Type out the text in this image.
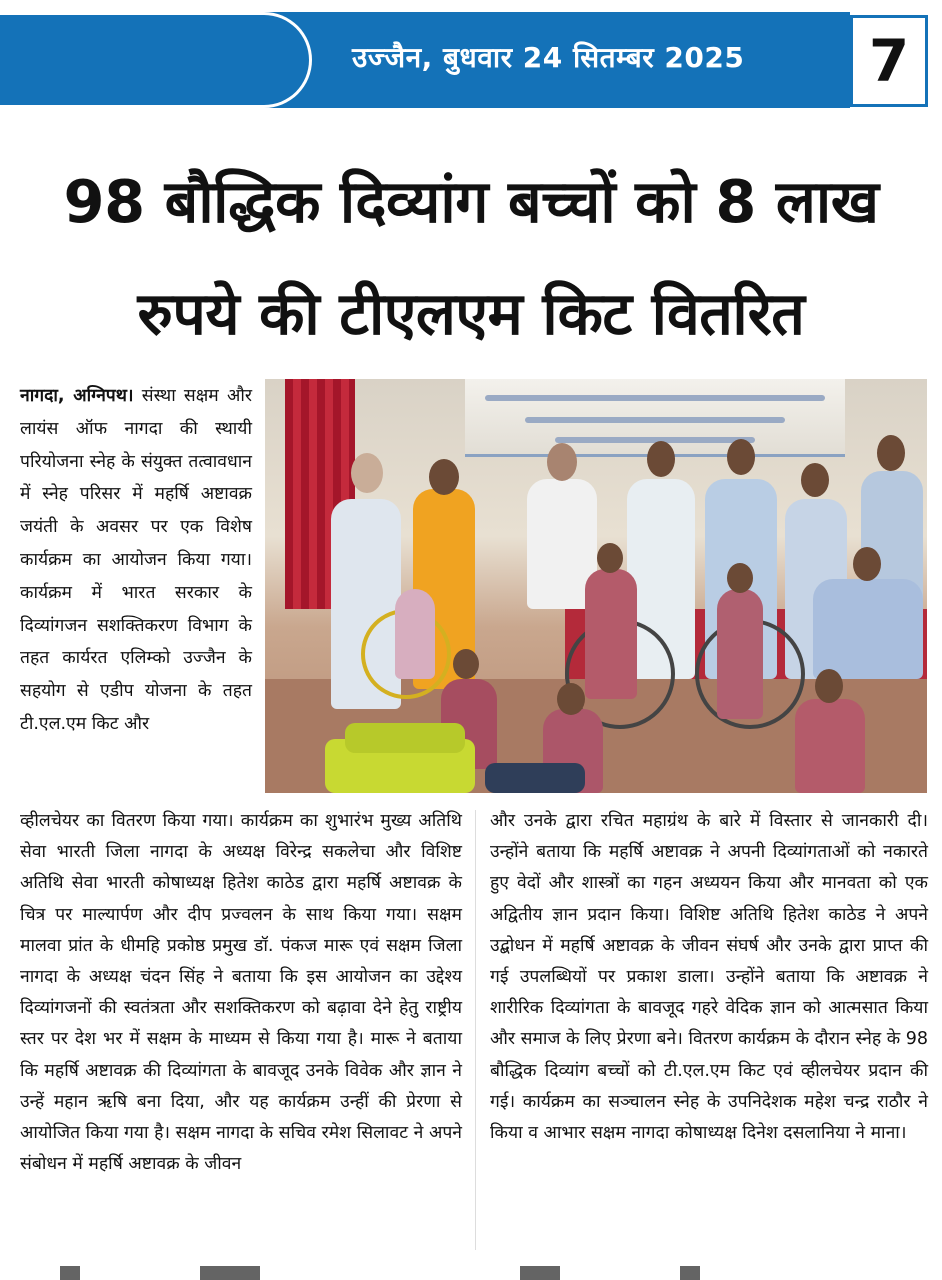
उज्जैन, बुधवार 24 सितम्बर 2025	7
98 बौद्धिक दिव्यांग बच्चों को 8 लाख
रुपये की टीएलएम किट वितरित
नागदा, अग्निपथ। संस्था सक्षम और लायंस ऑफ नागदा की स्थायी परियोजना स्नेह के संयुक्त तत्वावधान में स्नेह परिसर में महर्षि अष्टावक्र जयंती के अवसर पर एक विशेष कार्यक्रम का आयोजन किया गया। कार्यक्रम में भारत सरकार के दिव्यांगजन सशक्तिकरण विभाग के तहत कार्यरत एलिम्को उज्जैन के सहयोग से एडीप योजना के तहत टी.एल.एम किट और
व्हीलचेयर का वितरण किया गया। कार्यक्रम का शुभारंभ मुख्य अतिथि सेवा भारती जिला नागदा के अध्यक्ष विरेन्द्र सकलेचा और विशिष्ट अतिथि सेवा भारती कोषाध्यक्ष हितेश काठेड द्वारा महर्षि अष्टावक्र के चित्र पर माल्यार्पण और दीप प्रज्वलन के साथ किया गया। सक्षम मालवा प्रांत के धीमहि प्रकोष्ठ प्रमुख डॉ. पंकज मारू एवं सक्षम जिला नागदा के अध्यक्ष चंदन सिंह ने बताया कि इस आयोजन का उद्देश्य दिव्यांगजनों की स्वतंत्रता और सशक्तिकरण को बढ़ावा देने हेतु राष्ट्रीय स्तर पर देश भर में सक्षम के माध्यम से किया गया है। मारू ने बताया कि महर्षि अष्टावक्र की दिव्यांगता के बावजूद उनके विवेक और ज्ञान ने उन्हें महान ऋषि बना दिया, और यह कार्यक्रम उन्हीं की प्रेरणा से आयोजित किया गया है। सक्षम नागदा के सचिव रमेश सिलावट ने अपने संबोधन में महर्षि अष्टावक्र के जीवन
और उनके द्वारा रचित महाग्रंथ के बारे में विस्तार से जानकारी दी। उन्होंने बताया कि महर्षि अष्टावक्र ने अपनी दिव्यांगताओं को नकारते हुए वेदों और शास्त्रों का गहन अध्ययन किया और मानवता को एक अद्वितीय ज्ञान प्रदान किया। विशिष्ट अतिथि हितेश काठेड ने अपने उद्बोधन में महर्षि अष्टावक्र के जीवन संघर्ष और उनके द्वारा प्राप्त की गई उपलब्धियों पर प्रकाश डाला। उन्होंने बताया कि अष्टावक्र ने शारीरिक दिव्यांगता के बावजूद गहरे वेदिक ज्ञान को आत्मसात किया और समाज के लिए प्रेरणा बने। वितरण कार्यक्रम के दौरान स्नेह के 98 बौद्धिक दिव्यांग बच्चों को टी.एल.एम किट एवं व्हीलचेयर प्रदान की गई। कार्यक्रम का सञ्चालन स्नेह के उपनिदेशक महेश चन्द्र राठौर ने किया व आभार सक्षम नागदा कोषाध्यक्ष दिनेश दसलानिया ने माना।
